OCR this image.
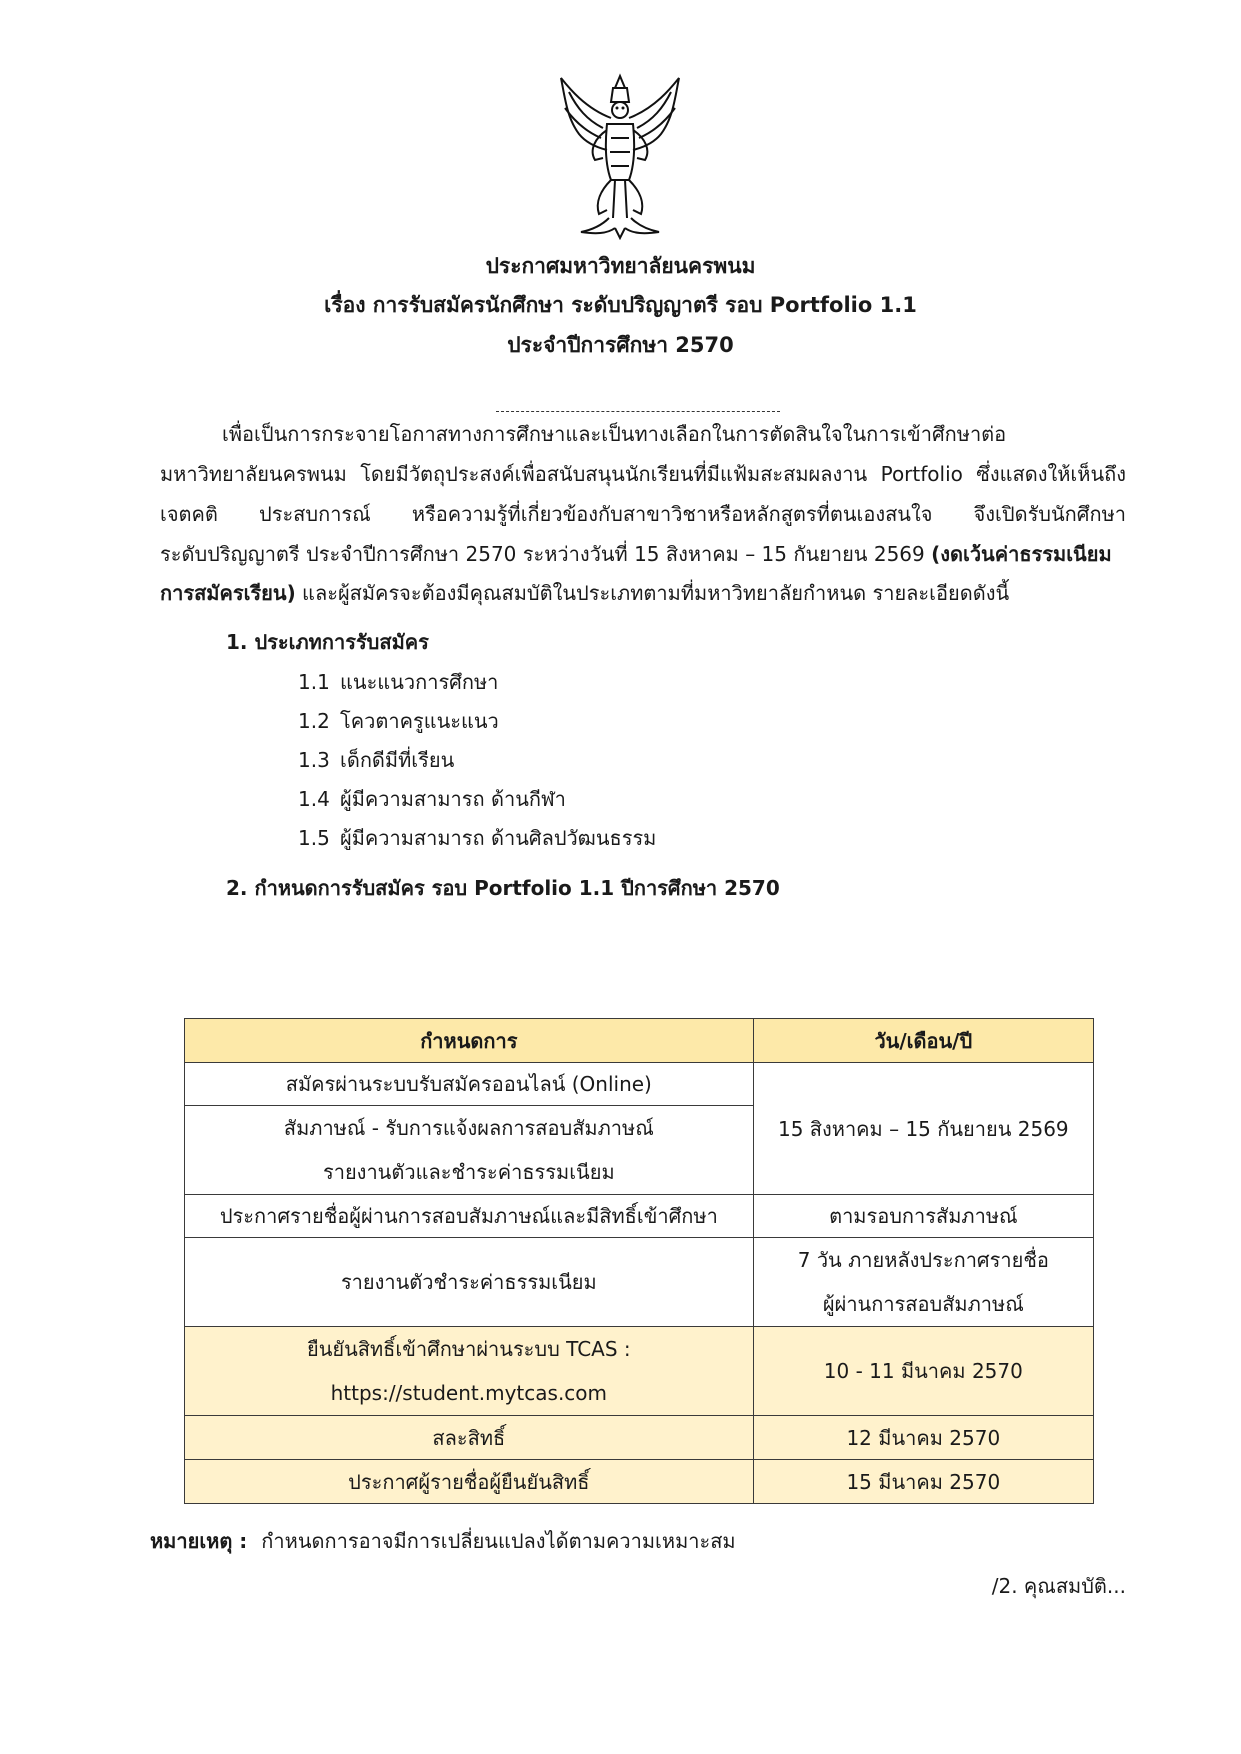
ประกาศมหาวิทยาลัยนครพนม
เรื่อง การรับสมัครนักศึกษา ระดับปริญญาตรี รอบ Portfolio 1.1
ประจำปีการศึกษา 2570
เพื่อเป็นการกระจายโอกาสทางการศึกษาและเป็นทางเลือกในการตัดสินใจในการเข้าศึกษาต่อ
มหาวิทยาลัยนครพนม โดยมีวัตถุประสงค์เพื่อสนับสนุนนักเรียนที่มีแฟ้มสะสมผลงาน Portfolio ซึ่งแสดงให้เห็นถึง
เจตคติ ประสบการณ์ หรือความรู้ที่เกี่ยวข้องกับสาขาวิชาหรือหลักสูตรที่ตนเองสนใจ จึงเปิดรับนักศึกษา
ระดับปริญญาตรี ประจำปีการศึกษา 2570 ระหว่างวันที่ 15 สิงหาคม – 15 กันยายน 2569 (งดเว้นค่าธรรมเนียม
การสมัครเรียน) และผู้สมัครจะต้องมีคุณสมบัติในประเภทตามที่มหาวิทยาลัยกำหนด รายละเอียดดังนี้
1. ประเภทการรับสมัคร
1.1 แนะแนวการศึกษา
1.2 โควตาครูแนะแนว
1.3 เด็กดีมีที่เรียน
1.4 ผู้มีความสามารถ ด้านกีฬา
1.5 ผู้มีความสามารถ ด้านศิลปวัฒนธรรม
2. กำหนดการรับสมัคร รอบ Portfolio 1.1 ปีการศึกษา 2570
กำหนดการ	วัน/เดือน/ปี
สมัครผ่านระบบรับสมัครออนไลน์ (Online)	15 สิงหาคม – 15 กันยายน 2569

สัมภาษณ์ - รับการแจ้งผลการสอบสัมภาษณ์
รายงานตัวและชำระค่าธรรมเนียม	

ประกาศรายชื่อผู้ผ่านการสอบสัมภาษณ์และมีสิทธิ์เข้าศึกษา	ตามรอบการสัมภาษณ์
รายงานตัวชำระค่าธรรมเนียม	7 วัน ภายหลังประกาศรายชื่อ
ผู้ผ่านการสอบสัมภาษณ์

ยืนยันสิทธิ์เข้าศึกษาผ่านระบบ TCAS :
https://student.mytcas.com	10 - 11 มีนาคม 2570
สละสิทธิ์	12 มีนาคม 2570
ประกาศผู้รายชื่อผู้ยืนยันสิทธิ์	15 มีนาคม 2570
หมายเหตุ : กำหนดการอาจมีการเปลี่ยนแปลงได้ตามความเหมาะสม
/2. คุณสมบัติ...
